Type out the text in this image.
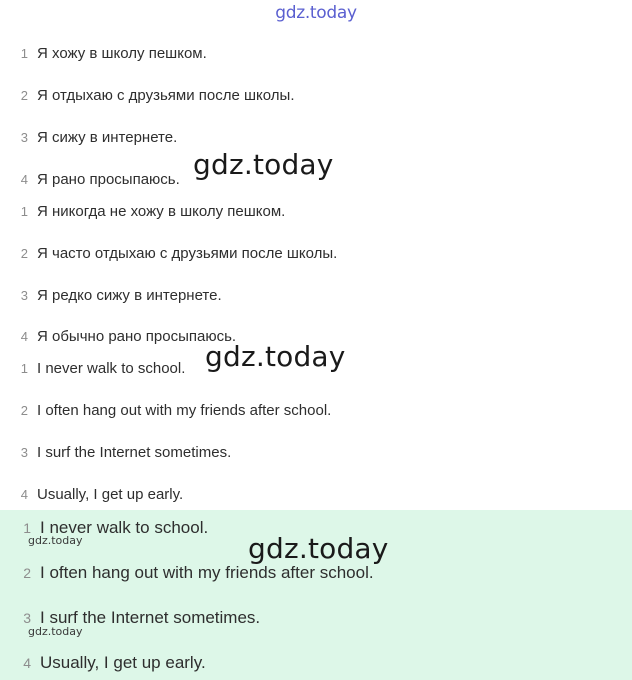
gdz.today
1 Я хожу в школу пешком.
2 Я отдыхаю с друзьями после школы.
3 Я сижу в интернете.
4 Я рано просыпаюсь.
1 Я никогда не хожу в школу пешком.
2 Я часто отдыхаю с друзьями после школы.
3 Я редко сижу в интернете.
4 Я обычно рано просыпаюсь.
1 I never walk to school.
2 I often hang out with my friends after school.
3 I surf the Internet sometimes.
4 Usually, I get up early.
1 I never walk to school.
2 I often hang out with my friends after school.
3 I surf the Internet sometimes.
4 Usually, I get up early.
gdz.today
gdz.today
gdz.today
gdz.today
gdz.today
